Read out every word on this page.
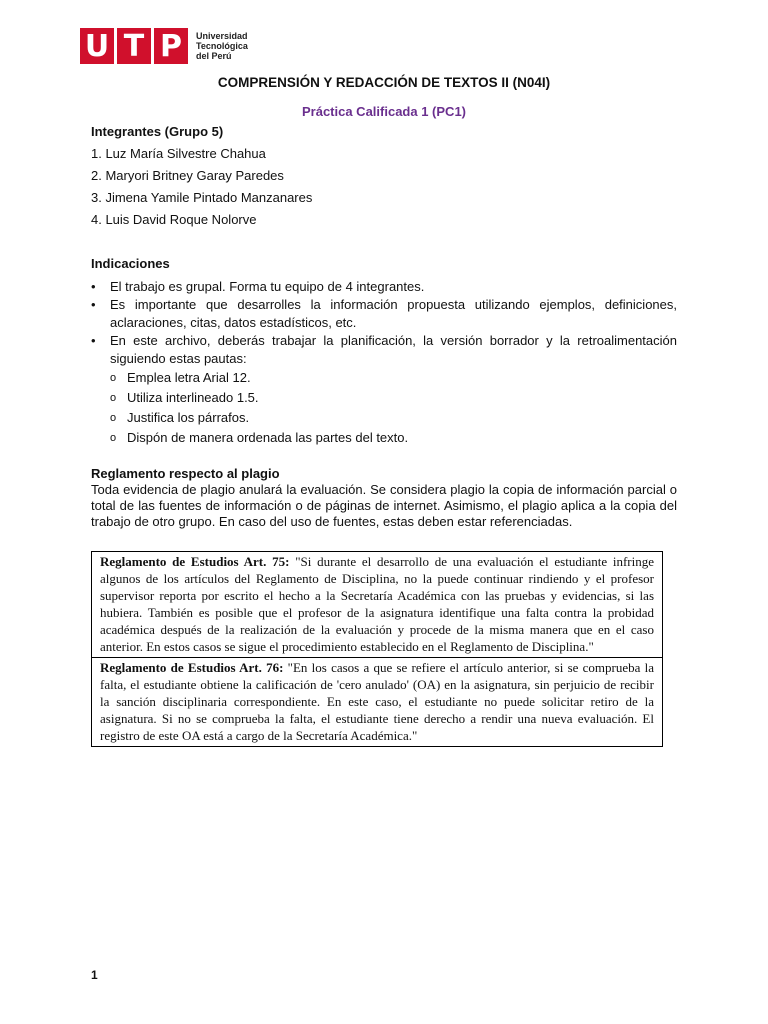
U T P	Universidad
Tecnológica
del Perú
COMPRENSIÓN Y REDACCIÓN DE TEXTOS II (N04I)
Práctica Calificada 1 (PC1)
Integrantes (Grupo 5)
1. Luz María Silvestre Chahua
2. Maryori Britney Garay Paredes
3. Jimena Yamile Pintado Manzanares
4. Luis David Roque Nolorve
Indicaciones
•	El trabajo es grupal. Forma tu equipo de 4 integrantes.
•	Es importante que desarrolles la información propuesta utilizando ejemplos, definiciones, aclaraciones, citas, datos estadísticos, etc.
•	En este archivo, deberás trabajar la planificación, la versión borrador y la retroalimentación siguiendo estas pautas:
o Emplea letra Arial 12.
o Utiliza interlineado 1.5.
o Justifica los párrafos.
o Dispón de manera ordenada las partes del texto.
Reglamento respecto al plagio
Toda evidencia de plagio anulará la evaluación. Se considera plagio la copia de información parcial o total de las fuentes de información o de páginas de internet. Asimismo, el plagio aplica a la copia del trabajo de otro grupo. En caso del uso de fuentes, estas deben estar referenciadas.
Reglamento de Estudios Art. 75: "Si durante el desarrollo de una evaluación el estudiante infringe algunos de los artículos del Reglamento de Disciplina, no la puede continuar rindiendo y el profesor supervisor reporta por escrito el hecho a la Secretaría Académica con las pruebas y evidencias, si las hubiera. También es posible que el profesor de la asignatura identifique una falta contra la probidad académica después de la realización de la evaluación y procede de la misma manera que en el caso anterior. En estos casos se sigue el procedimiento establecido en el Reglamento de Disciplina."
Reglamento de Estudios Art. 76: "En los casos a que se refiere el artículo anterior, si se comprueba la falta, el estudiante obtiene la calificación de 'cero anulado' (OA) en la asignatura, sin perjuicio de recibir la sanción disciplinaria correspondiente. En este caso, el estudiante no puede solicitar retiro de la asignatura. Si no se comprueba la falta, el estudiante tiene derecho a rendir una nueva evaluación. El registro de este OA está a cargo de la Secretaría Académica."
1
